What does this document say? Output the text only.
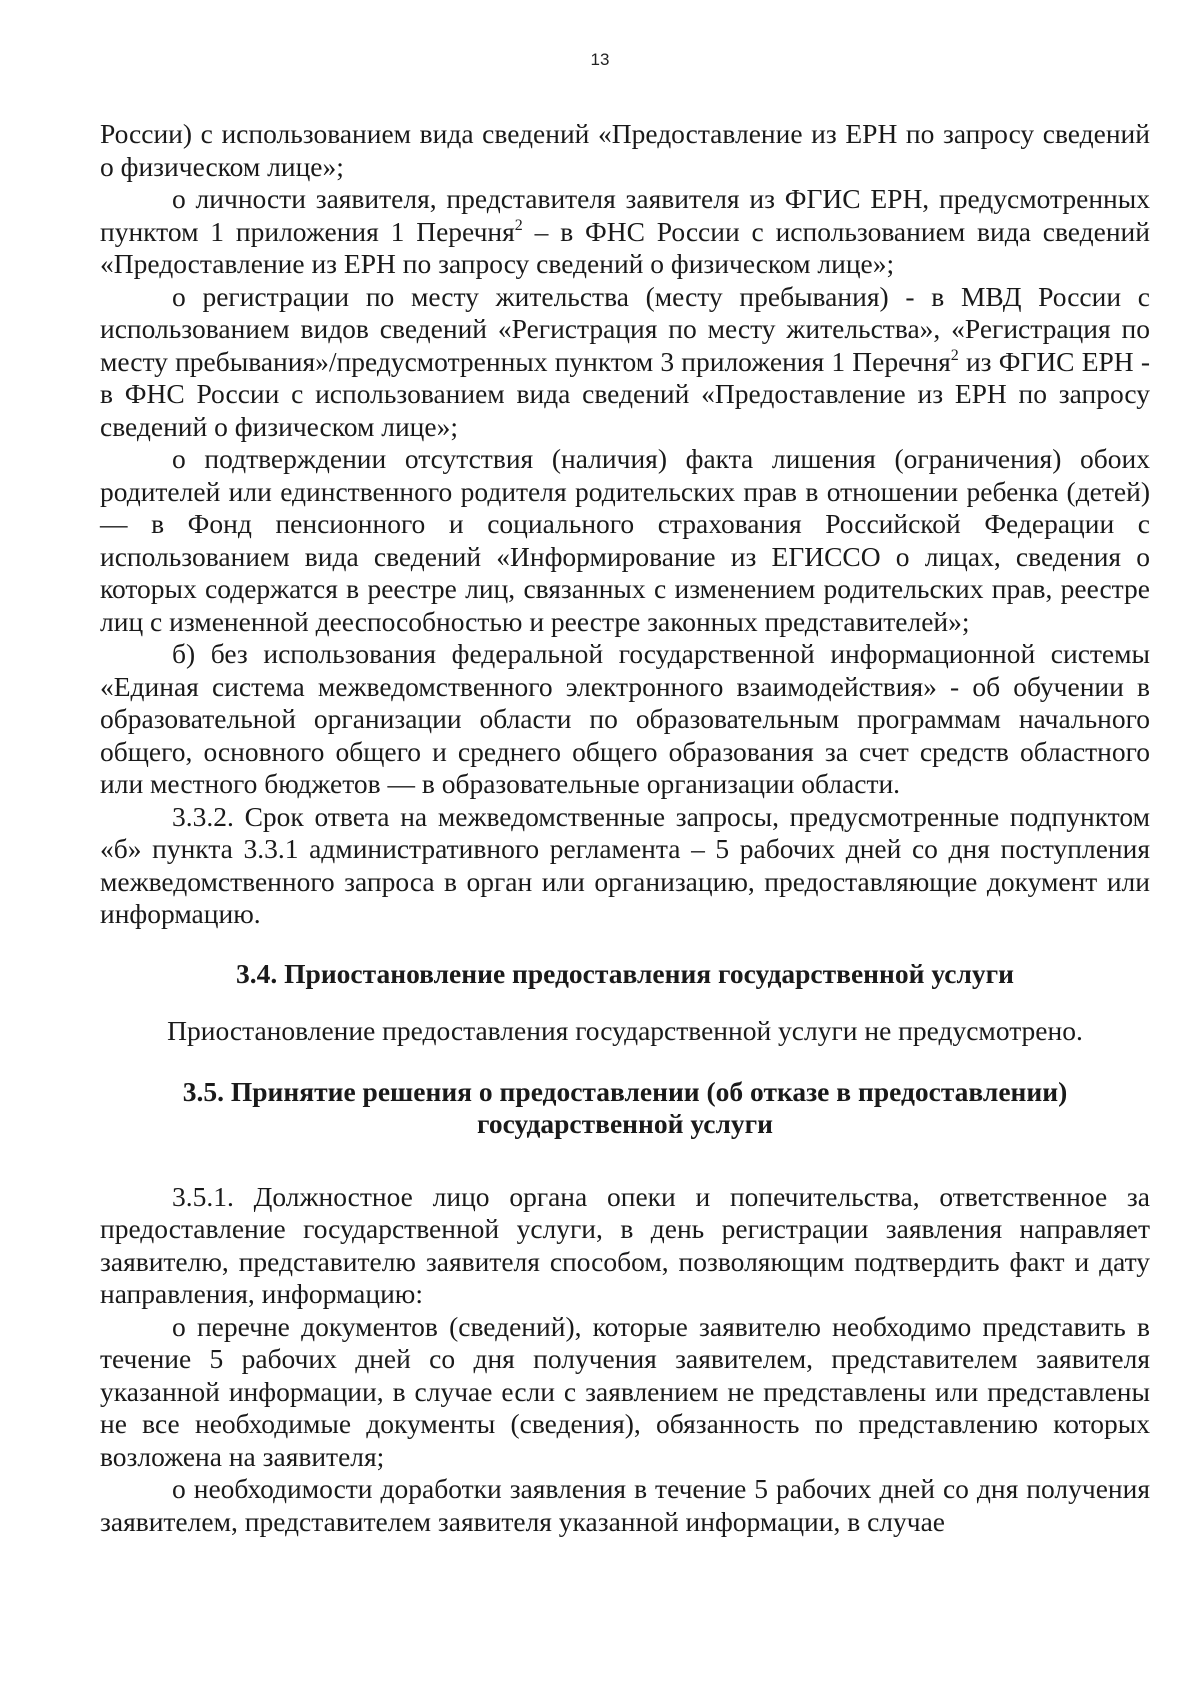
13

России) с использованием вида сведений «Предоставление из ЕРН по запросу сведений о физическом лице»;

о личности заявителя, представителя заявителя из ФГИС ЕРН, предусмотренных пунктом 1 приложения 1 Перечня$^2$ – в ФНС России с использованием вида сведений «Предоставление из ЕРН по запросу сведений о физическом лице»;

о регистрации по месту жительства (месту пребывания) - в МВД России с использованием видов сведений «Регистрация по месту жительства», «Регистрация по месту пребывания»/предусмотренных пунктом 3 приложения 1 Перечня$^2$ из ФГИС ЕРН - в ФНС России с использованием вида сведений «Предоставление из ЕРН по запросу сведений о физическом лице»;

о подтверждении отсутствия (наличия) факта лишения (ограничения) обоих родителей или единственного родителя родительских прав в отношении ребенка (детей) — в Фонд пенсионного и социального страхования Российской Федерации с использованием вида сведений «Информирование из ЕГИССО о лицах, сведения о которых содержатся в реестре лиц, связанных с изменением родительских прав, реестре лиц с измененной дееспособностью и реестре законных представителей»;

б) без использования федеральной государственной информационной системы «Единая система межведомственного электронного взаимодействия» - об обучении в образовательной организации области по образовательным программам начального общего, основного общего и среднего общего образования за счет средств областного или местного бюджетов — в образовательные организации области.

3.3.2. Срок ответа на межведомственные запросы, предусмотренные подпунктом «б» пункта 3.3.1 административного регламента – 5 рабочих дней со дня поступления межведомственного запроса в орган или организацию, предоставляющие документ или информацию.

3.4. Приостановление предоставления государственной услуги

Приостановление предоставления государственной услуги не предусмотрено.

3.5. Принятие решения о предоставлении (об отказе в предоставлении)

государственной услуги

3.5.1. Должностное лицо органа опеки и попечительства, ответственное за предоставление государственной услуги, в день регистрации заявления направляет заявителю, представителю заявителя способом, позволяющим подтвердить факт и дату направления, информацию:

о перечне документов (сведений), которые заявителю необходимо представить в течение 5 рабочих дней со дня получения заявителем, представителем заявителя указанной информации, в случае если с заявлением не представлены или представлены не все необходимые документы (сведения), обязанность по представлению которых возложена на заявителя;

о необходимости доработки заявления в течение 5 рабочих дней со дня получения заявителем, представителем заявителя указанной информации, в случае
